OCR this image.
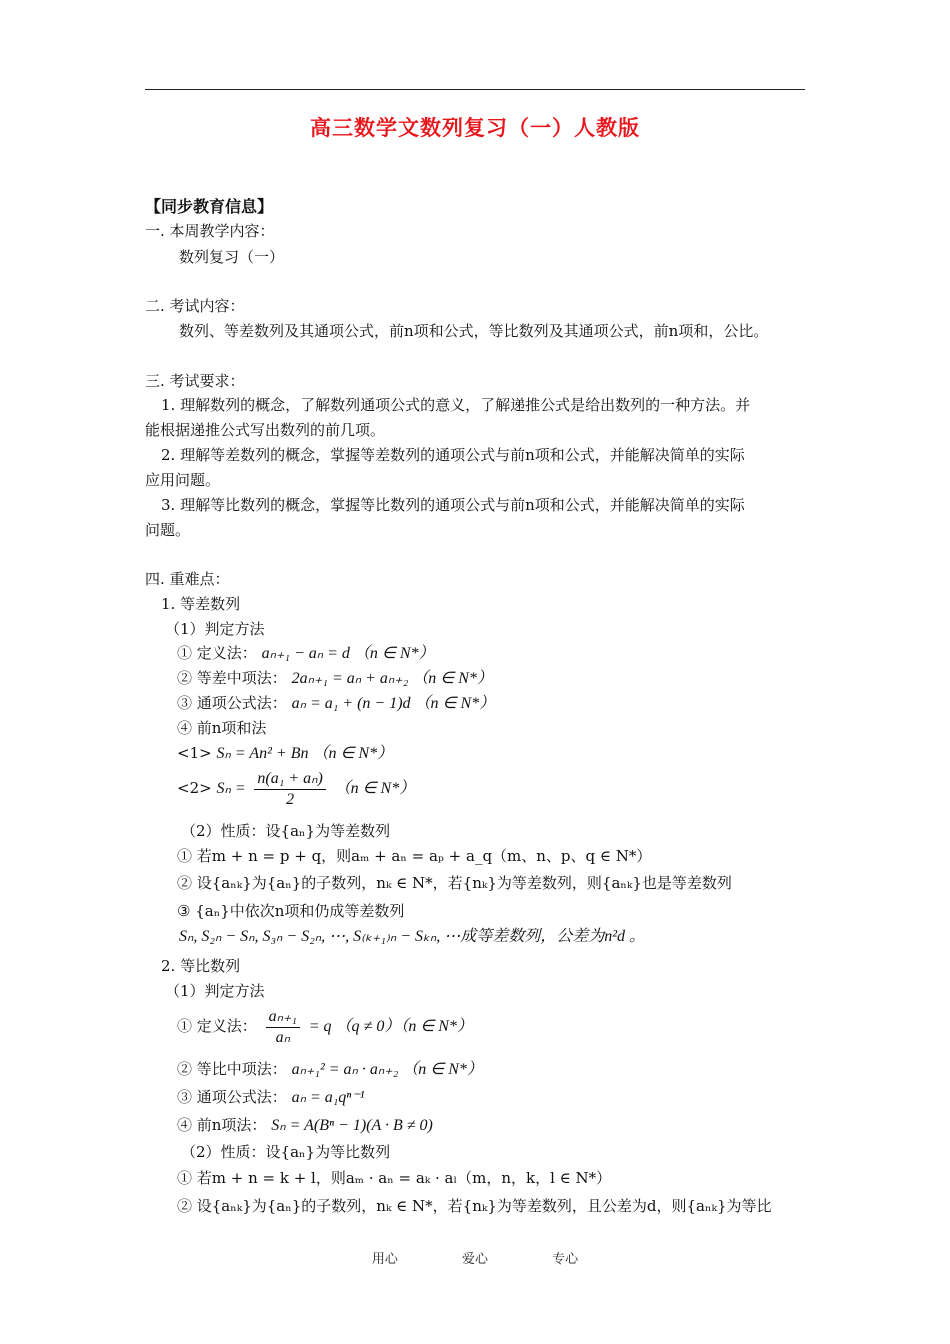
高三数学文数列复习（一）人教版
【同步教育信息】
一. 本周教学内容：
数列复习（一）
二. 考试内容：
数列、等差数列及其通项公式，前n项和公式，等比数列及其通项公式，前n项和，公比。
三. 考试要求：
1. 理解数列的概念，了解数列通项公式的意义，了解递推公式是给出数列的一种方法。并
能根据递推公式写出数列的前几项。
2. 理解等差数列的概念，掌握等差数列的通项公式与前n项和公式，并能解决简单的实际
应用问题。
3. 理解等比数列的概念，掌握等比数列的通项公式与前n项和公式，并能解决简单的实际
问题。
四. 重难点：
1. 等差数列
（1）判定方法
① 定义法： aₙ₊₁ − aₙ = d （n ∈ N*）
② 等差中项法： 2aₙ₊₁ = aₙ + aₙ₊₂ （n ∈ N*）
③ 通项公式法： aₙ = a₁ + (n − 1)d （n ∈ N*）
④ 前n项和法
<1> Sₙ = An² + Bn （n ∈ N*）
$<2> S_n = \frac{\text{n(a₁ + aₙ)}}{2} (n$ ∈ N*）
（2）性质：设{aₙ}为等差数列
① 若m + n = p + q，则aₘ + aₙ = aₚ + a_q（m、n、p、q ∈ N*）
② 设{aₙₖ}为{aₙ}的子数列，nₖ ∈ N*，若{nₖ}为等差数列，则{aₙₖ}也是等差数列
③ {aₙ}中依次n项和仍成等差数列
Sₙ, S₂ₙ − Sₙ, S₃ₙ − S₂ₙ, ⋯, S₍ₖ₊₁₎ₙ − Sₖₙ, ⋯成等差数列，公差为n²d 。
2. 等比数列
（1）判定方法
① 定义法： $\frac{\text{aₙ₊₁}}{\text{aₙ}} = q$ （q ≠ 0）（n ∈ N*）
② 等比中项法： aₙ₊₁² = aₙ · aₙ₊₂ （n ∈ N*）
③ 通项公式法： aₙ = a₁qⁿ⁻¹
④ 前n项法： Sₙ = A(Bⁿ − 1)(A · B ≠ 0)
（2）性质：设{aₙ}为等比数列
① 若m + n = k + l，则aₘ · aₙ = aₖ · aₗ（m，n，k，l ∈ N*）
② 设{aₙₖ}为{aₙ}的子数列，nₖ ∈ N*，若{nₖ}为等差数列，且公差为d，则{aₙₖ}为等比
用心	爱心	专心
